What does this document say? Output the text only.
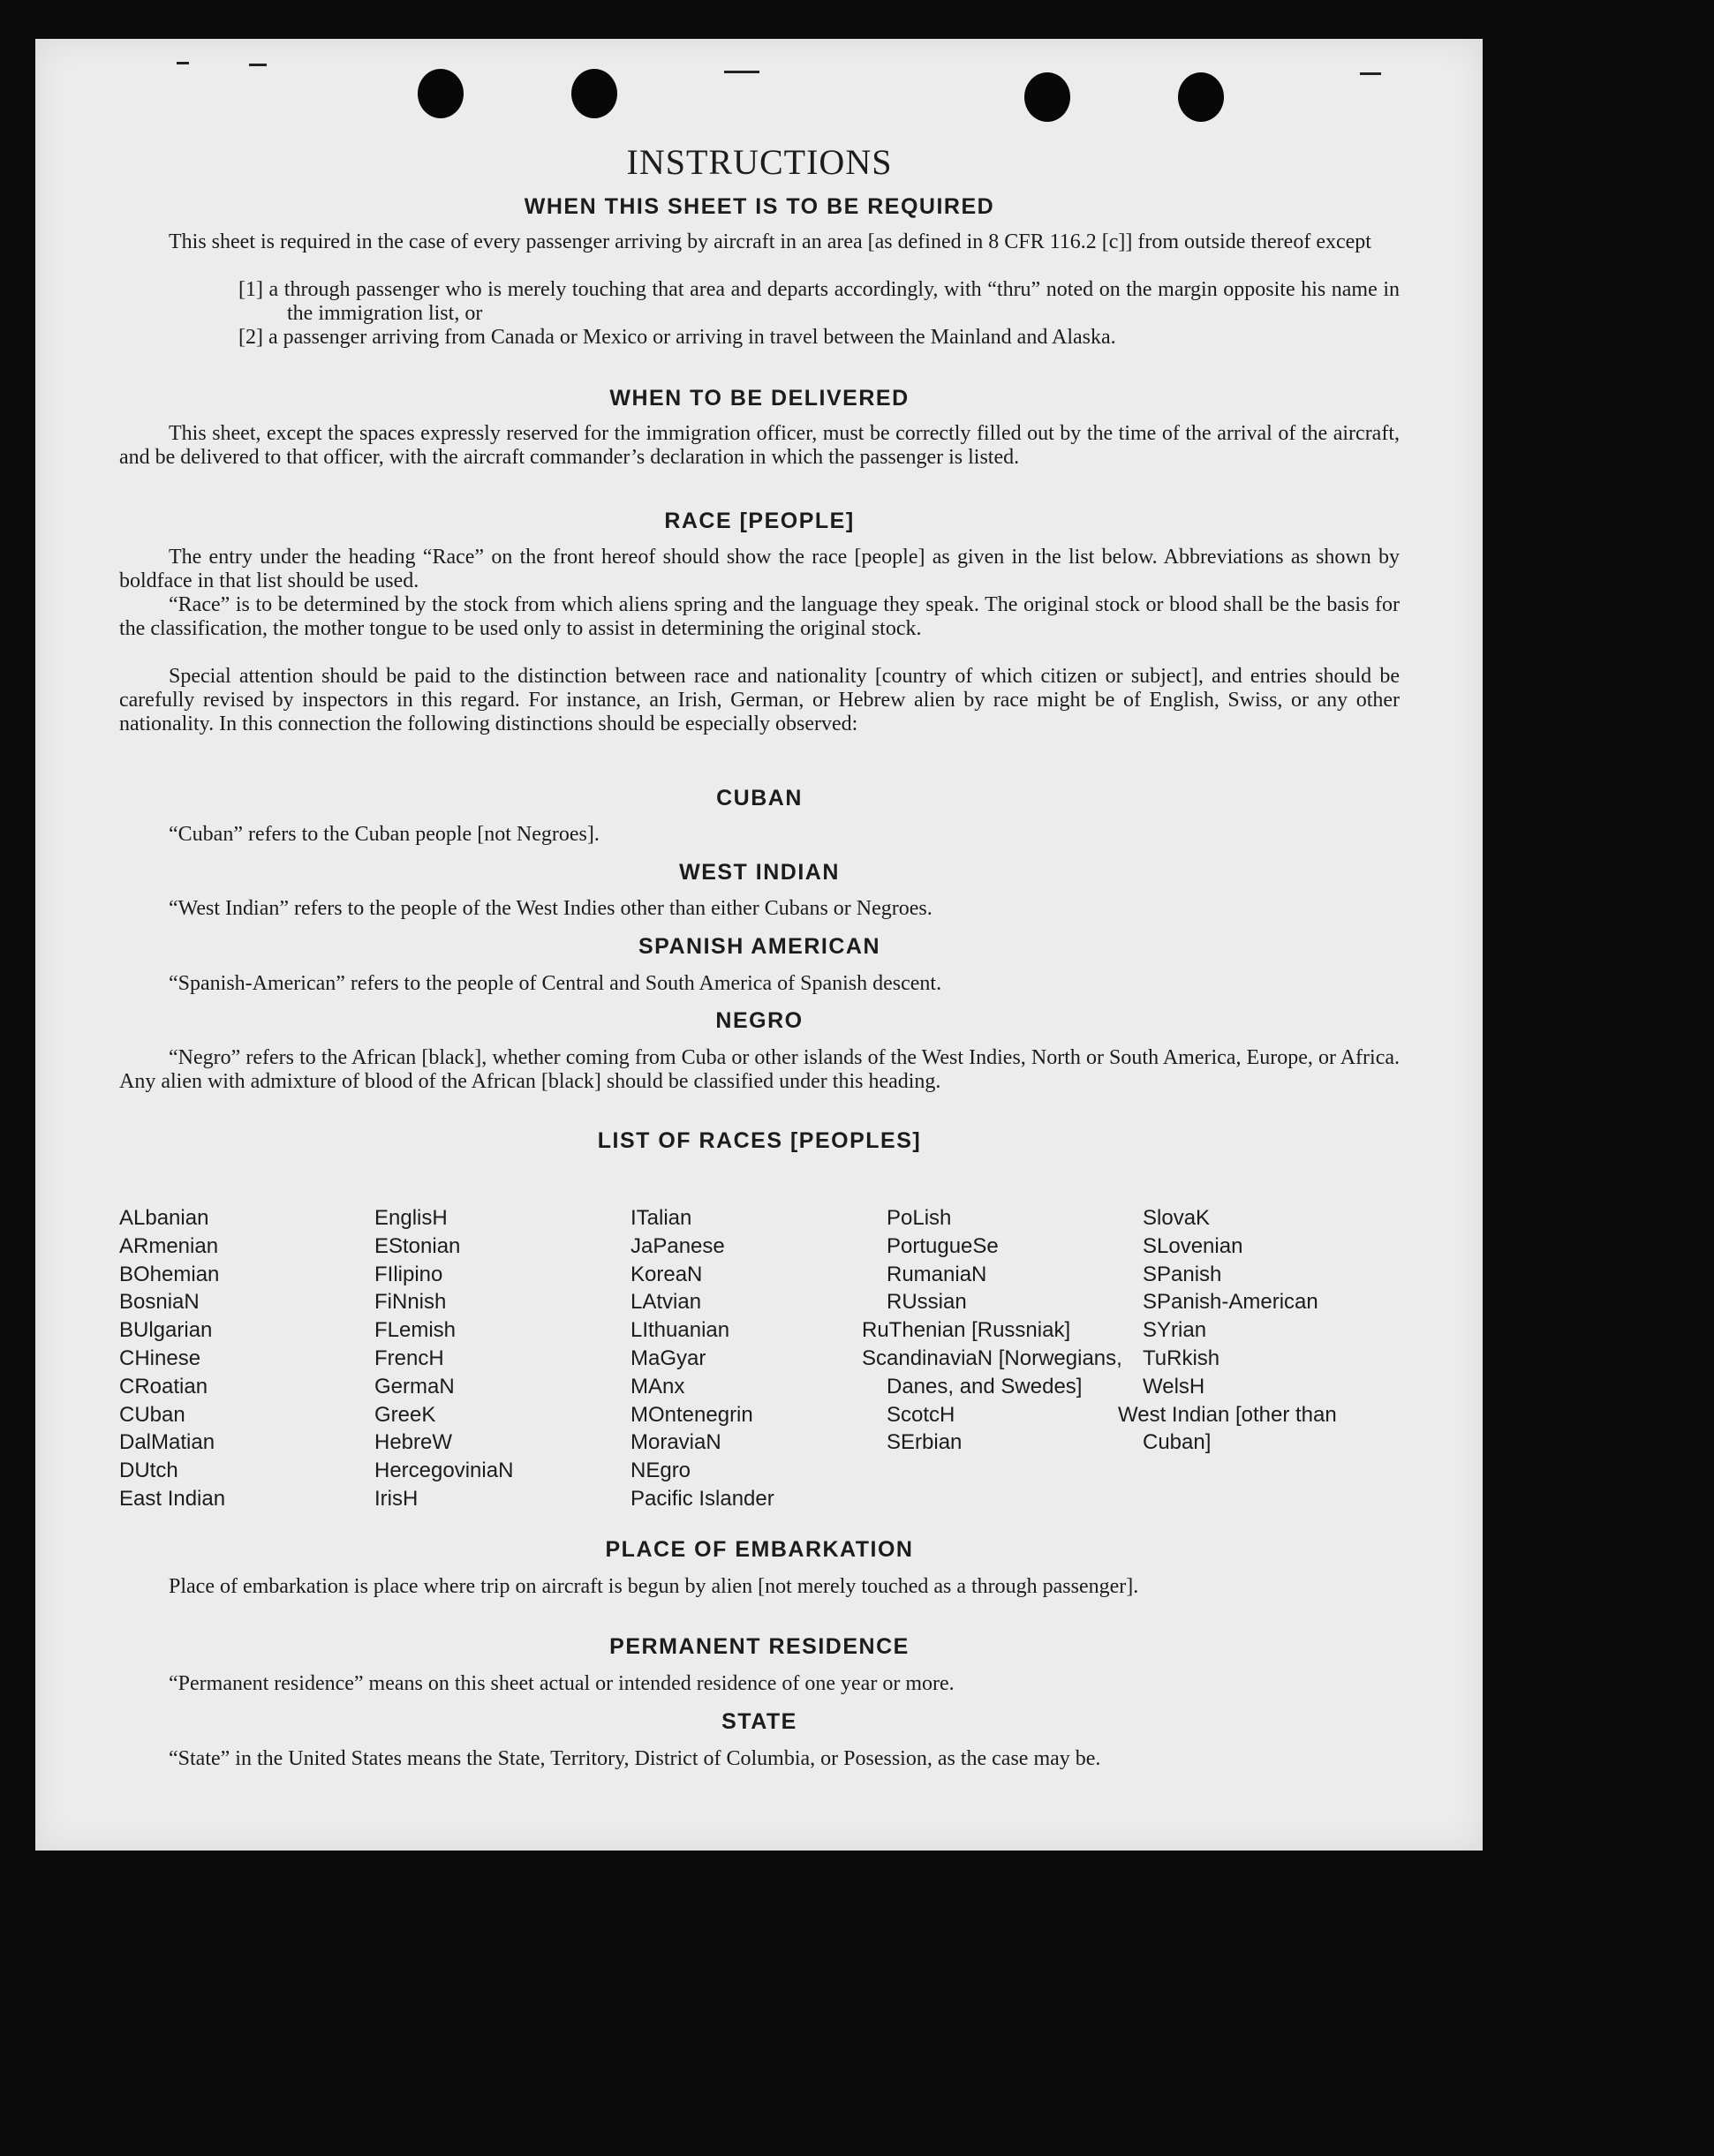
INSTRUCTIONS
WHEN THIS SHEET IS TO BE REQUIRED
This sheet is required in the case of every passenger arriving by aircraft in an area [as defined in 8 CFR 116.2 [c]] from outside thereof except
[1] a through passenger who is merely touching that area and departs accordingly, with “thru” noted on the margin opposite his name in the immigration list, or
[2] a passenger arriving from Canada or Mexico or arriving in travel between the Mainland and Alaska.
WHEN TO BE DELIVERED
This sheet, except the spaces expressly reserved for the immigration officer, must be correctly filled out by the time of the arrival of the aircraft, and be delivered to that officer, with the aircraft commander’s declaration in which the passenger is listed.
RACE [PEOPLE]
The entry under the heading “Race” on the front hereof should show the race [people] as given in the list below. Abbreviations as shown by boldface in that list should be used.
“Race” is to be determined by the stock from which aliens spring and the language they speak. The original stock or blood shall be the basis for the classification, the mother tongue to be used only to assist in determining the original stock.
Special attention should be paid to the distinction between race and nationality [country of which citizen or subject], and entries should be carefully revised by inspectors in this regard. For instance, an Irish, German, or Hebrew alien by race might be of English, Swiss, or any other nationality. In this connection the following distinctions should be especially observed:
CUBAN
“Cuban” refers to the Cuban people [not Negroes].
WEST INDIAN
“West Indian” refers to the people of the West Indies other than either Cubans or Negroes.
SPANISH AMERICAN
“Spanish-American” refers to the people of Central and South America of Spanish descent.
NEGRO
“Negro” refers to the African [black], whether coming from Cuba or other islands of the West Indies, North or South America, Europe, or Africa. Any alien with admixture of blood of the African [black] should be classified under this heading.
LIST OF RACES [PEOPLES]
ALbanian
ARmenian
BOhemian
BosniaN
BUlgarian
CHinese
CRoatian
CUban
DalMatian
DUtch
East Indian
EnglisH
EStonian
FIlipino
FiNnish
FLemish
FrencH
GermaN
GreeK
HebreW
HercegoviniaN
IrisH
ITalian
JaPanese
KoreaN
LAtvian
LIthuanian
MaGyar
MAnx
MOntenegrin
MoraviaN
NEgro
Pacific Islander
PoLish
PortugueSe
RumaniaN
RUssian
RuThenian [Russniak]
ScandinaviaN [Norwegians, Danes, and Swedes]
ScotcH
SErbian
SlovaK
SLovenian
SPanish
SPanish-American
SYrian
TuRkish
WelsH
West Indian [other than Cuban]
PLACE OF EMBARKATION
Place of embarkation is place where trip on aircraft is begun by alien [not merely touched as a through passenger].
PERMANENT RESIDENCE
“Permanent residence” means on this sheet actual or intended residence of one year or more.
STATE
“State” in the United States means the State, Territory, District of Columbia, or Posession, as the case may be.
